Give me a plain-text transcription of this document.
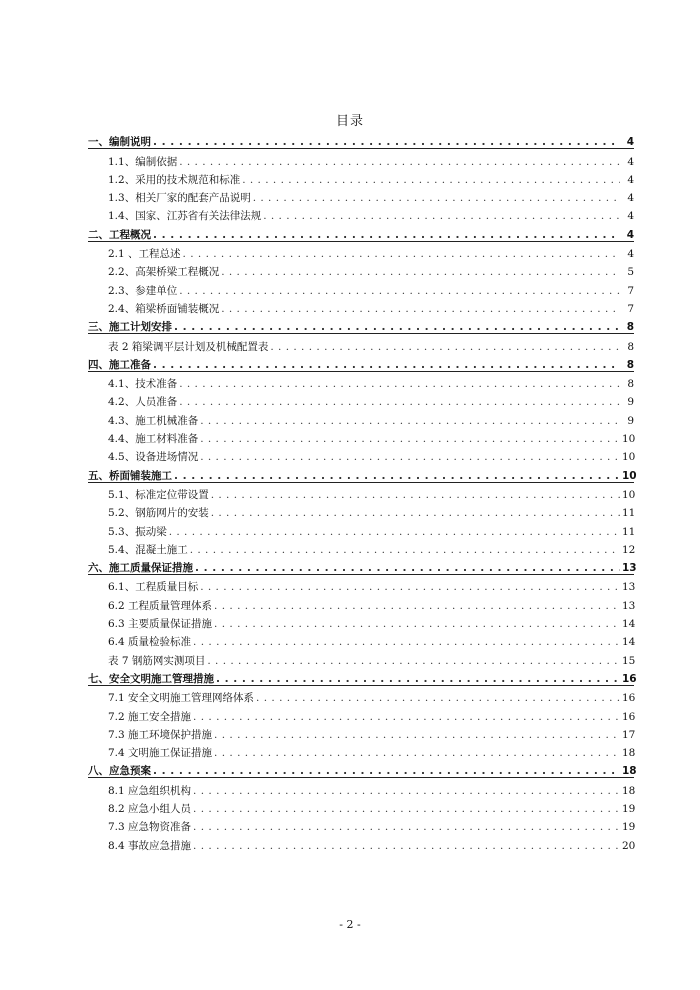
目录
一、编制说明 . . .	4
1.1、编制依据 . . .	4
1.2、采用的技术规范和标准 . . .	4
1.3、相关厂家的配套产品说明 . . .	4
1.4、国家、江苏省有关法律法规 . . .	4
二、工程概况 . . .	4
2.1 、工程总述 . . .	4
2.2、高架桥梁工程概况 . . .	5
2.3、参建单位 . . .	7
2.4、箱梁桥面铺装概况 . . .	7
三、施工计划安排 . . .	8
表 2 箱梁调平层计划及机械配置表 . . .	8
四、施工准备 . . .	8
4.1、技术准备 . . .	8
4.2、人员准备 . . .	9
4.3、施工机械准备 . . .	9
4.4、施工材料准备 . . .	10
4.5、设备进场情况 . . .	10
五、桥面铺装施工 . . .	10
5.1、标准定位带设置 . . .	10
5.2、钢筋网片的安装 . . .	11
5.3、振动梁 . . .	11
5.4、混凝土施工 . . .	12
六、施工质量保证措施 . . .	13
6.1、工程质量目标 . . .	13
6.2 工程质量管理体系 . . .	13
6.3 主要质量保证措施 . . .	14
6.4 质量检验标准 . . .	14
表 7 钢筋网实测项目 . . .	15
七、安全文明施工管理措施 . . .	16
7.1 安全文明施工管理网络体系 . . .	16
7.2 施工安全措施 . . .	16
7.3 施工环境保护措施 . . .	17
7.4 文明施工保证措施 . . .	18
八、应急预案 . . .	18
8.1 应急组织机构 . . .	18
8.2 应急小组人员 . . .	19
7.3 应急物资准备 . . .	19
8.4 事故应急措施 . . .	20
- 2 -
